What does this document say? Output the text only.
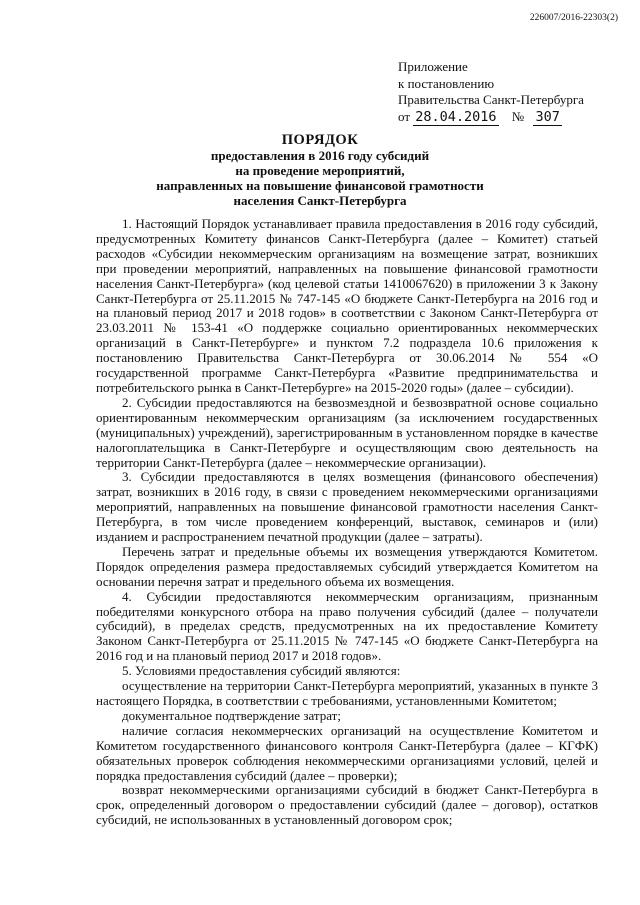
226007/2016-22303(2)
Приложение
к постановлению
Правительства Санкт-Петербурга
от 28.04.2016 № 307
ПОРЯДОК
предоставления в 2016 году субсидий
на проведение мероприятий,
направленных на повышение финансовой грамотности
населения Санкт-Петербурга

1. Настоящий Порядок устанавливает правила предоставления в 2016 году субсидий, предусмотренных Комитету финансов Санкт-Петербурга (далее – Комитет) статьей расходов «Субсидии некоммерческим организациям на возмещение затрат, возникших при проведении мероприятий, направленных на повышение финансовой грамотности населения Санкт-Петербурга» (код целевой статьи 1410067620) в приложении 3 к Закону Санкт-Петербурга от 25.11.2015 № 747-145 «О бюджете Санкт-Петербурга на 2016 год и на плановый период 2017 и 2018 годов» в соответствии с Законом Санкт-Петербурга от 23.03.2011 № 153-41 «О поддержке социально ориентированных некоммерческих организаций в Санкт-Петербурге» и пунктом 7.2 подраздела 10.6 приложения к постановлению Правительства Санкт-Петербурга от 30.06.2014 № 554 «О государственной программе Санкт-Петербурга «Развитие предпринимательства и потребительского рынка в Санкт-Петербурге» на 2015-2020 годы» (далее – субсидии).

2. Субсидии предоставляются на безвозмездной и безвозвратной основе социально ориентированным некоммерческим организациям (за исключением государственных (муниципальных) учреждений), зарегистрированным в установленном порядке в качестве налогоплательщика в Санкт-Петербурге и осуществляющим свою деятельность на территории Санкт-Петербурга (далее – некоммерческие организации).

3. Субсидии предоставляются в целях возмещения (финансового обеспечения) затрат, возникших в 2016 году, в связи с проведением некоммерческими организациями мероприятий, направленных на повышение финансовой грамотности населения Санкт-Петербурга, в том числе проведением конференций, выставок, семинаров и (или) изданием и распространением печатной продукции (далее – затраты).

Перечень затрат и предельные объемы их возмещения утверждаются Комитетом. Порядок определения размера предоставляемых субсидий утверждается Комитетом на основании перечня затрат и предельного объема их возмещения.

4. Субсидии предоставляются некоммерческим организациям, признанным победителями конкурсного отбора на право получения субсидий (далее – получатели субсидий), в пределах средств, предусмотренных на их предоставление Комитету Законом Санкт-Петербурга от 25.11.2015 № 747-145 «О бюджете Санкт-Петербурга на 2016 год и на плановый период 2017 и 2018 годов».

5. Условиями предоставления субсидий являются:

осуществление на территории Санкт-Петербурга мероприятий, указанных в пункте 3 настоящего Порядка, в соответствии с требованиями, установленными Комитетом;

документальное подтверждение затрат;

наличие согласия некоммерческих организаций на осуществление Комитетом и Комитетом государственного финансового контроля Санкт-Петербурга (далее – КГФК) обязательных проверок соблюдения некоммерческими организациями условий, целей и порядка предоставления субсидий (далее – проверки);

возврат некоммерческими организациями субсидий в бюджет Санкт-Петербурга в срок, определенный договором о предоставлении субсидий (далее – договор), остатков субсидий, не использованных в установленный договором срок;
